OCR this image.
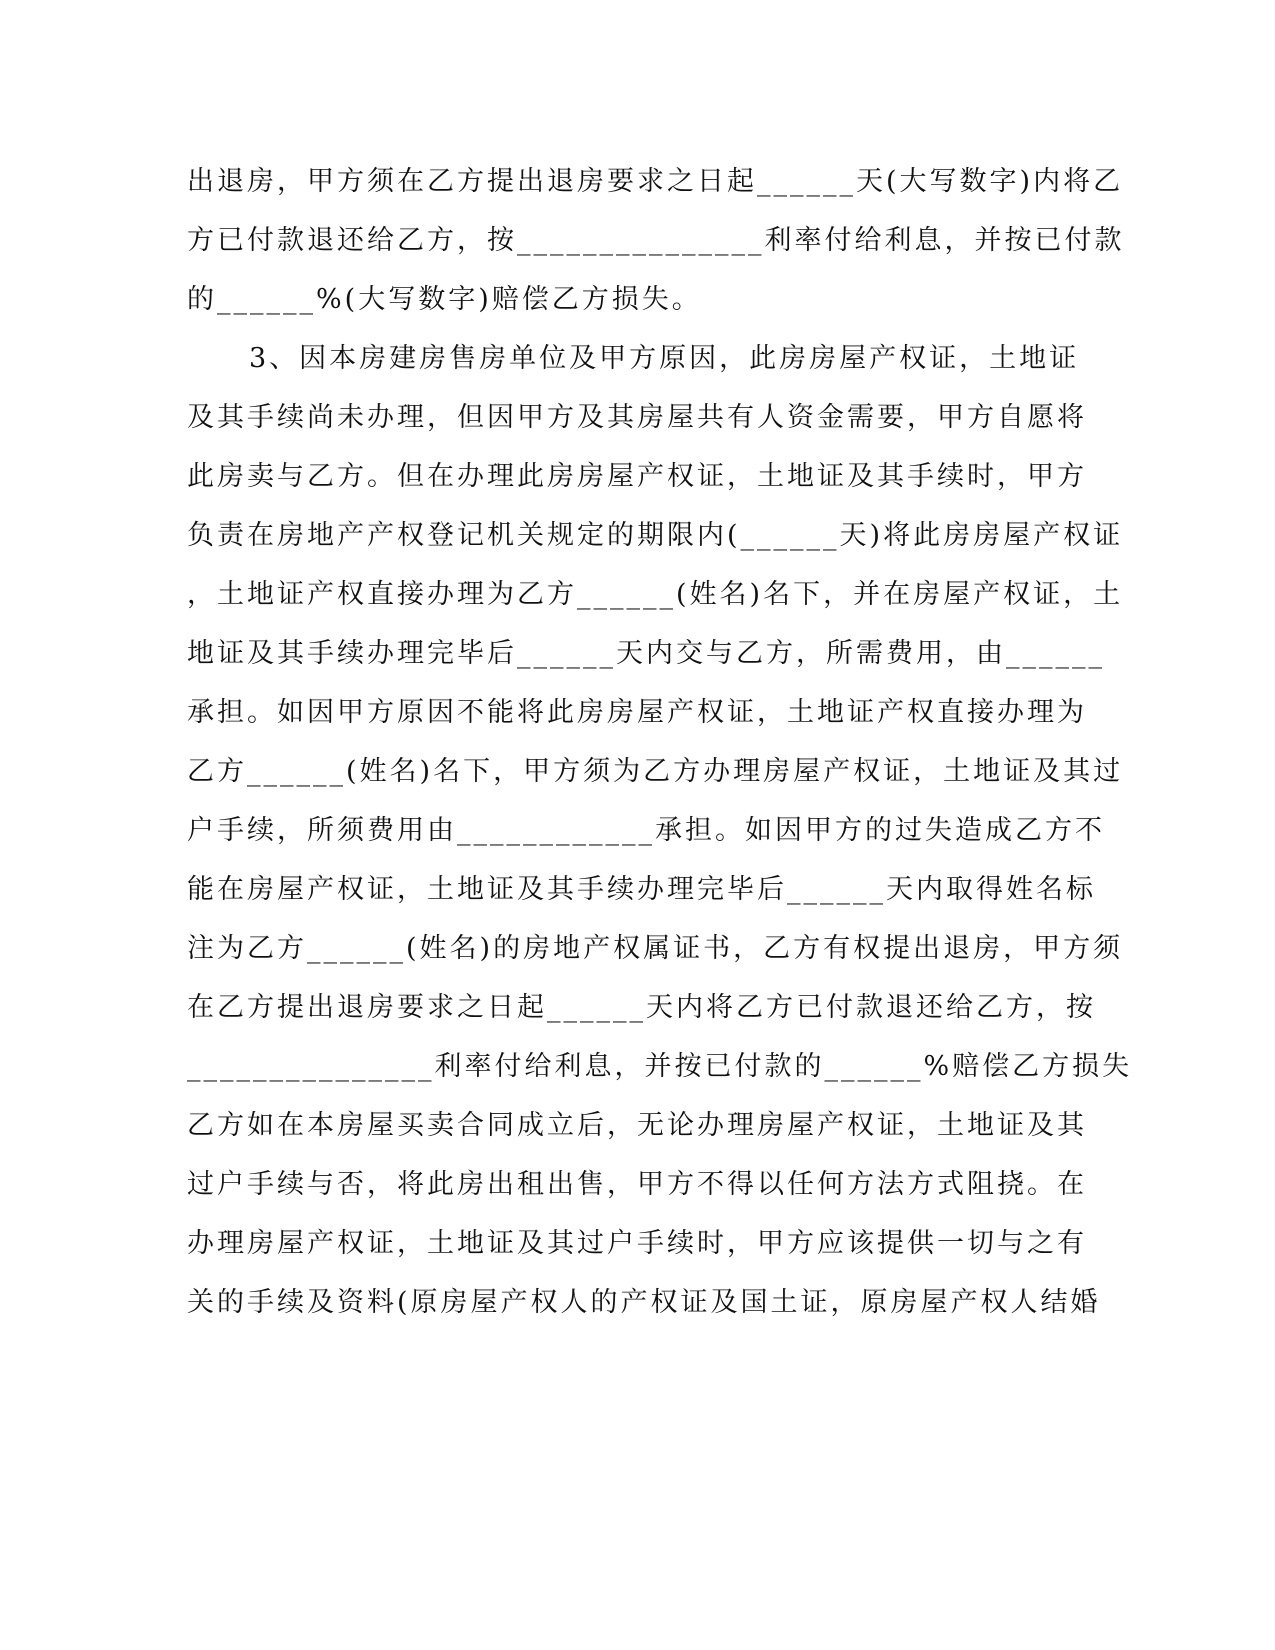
出退房，甲方须在乙方提出退房要求之日起______天(大写数字)内将乙
方已付款退还给乙方，按_______________利率付给利息，并按已付款
的______%(大写数字)赔偿乙方损失。
3、因本房建房售房单位及甲方原因，此房房屋产权证，土地证
及其手续尚未办理，但因甲方及其房屋共有人资金需要，甲方自愿将
此房卖与乙方。但在办理此房房屋产权证，土地证及其手续时，甲方
负责在房地产产权登记机关规定的期限内(______天)将此房房屋产权证
，土地证产权直接办理为乙方______(姓名)名下，并在房屋产权证，土
地证及其手续办理完毕后______天内交与乙方，所需费用，由______
承担。如因甲方原因不能将此房房屋产权证，土地证产权直接办理为
乙方______(姓名)名下，甲方须为乙方办理房屋产权证，土地证及其过
户手续，所须费用由____________承担。如因甲方的过失造成乙方不
能在房屋产权证，土地证及其手续办理完毕后______天内取得姓名标
注为乙方______(姓名)的房地产权属证书，乙方有权提出退房，甲方须
在乙方提出退房要求之日起______天内将乙方已付款退还给乙方，按
_______________利率付给利息，并按已付款的______%赔偿乙方损失
乙方如在本房屋买卖合同成立后，无论办理房屋产权证，土地证及其
过户手续与否，将此房出租出售，甲方不得以任何方法方式阻挠。在
办理房屋产权证，土地证及其过户手续时，甲方应该提供一切与之有
关的手续及资料(原房屋产权人的产权证及国土证，原房屋产权人结婚
